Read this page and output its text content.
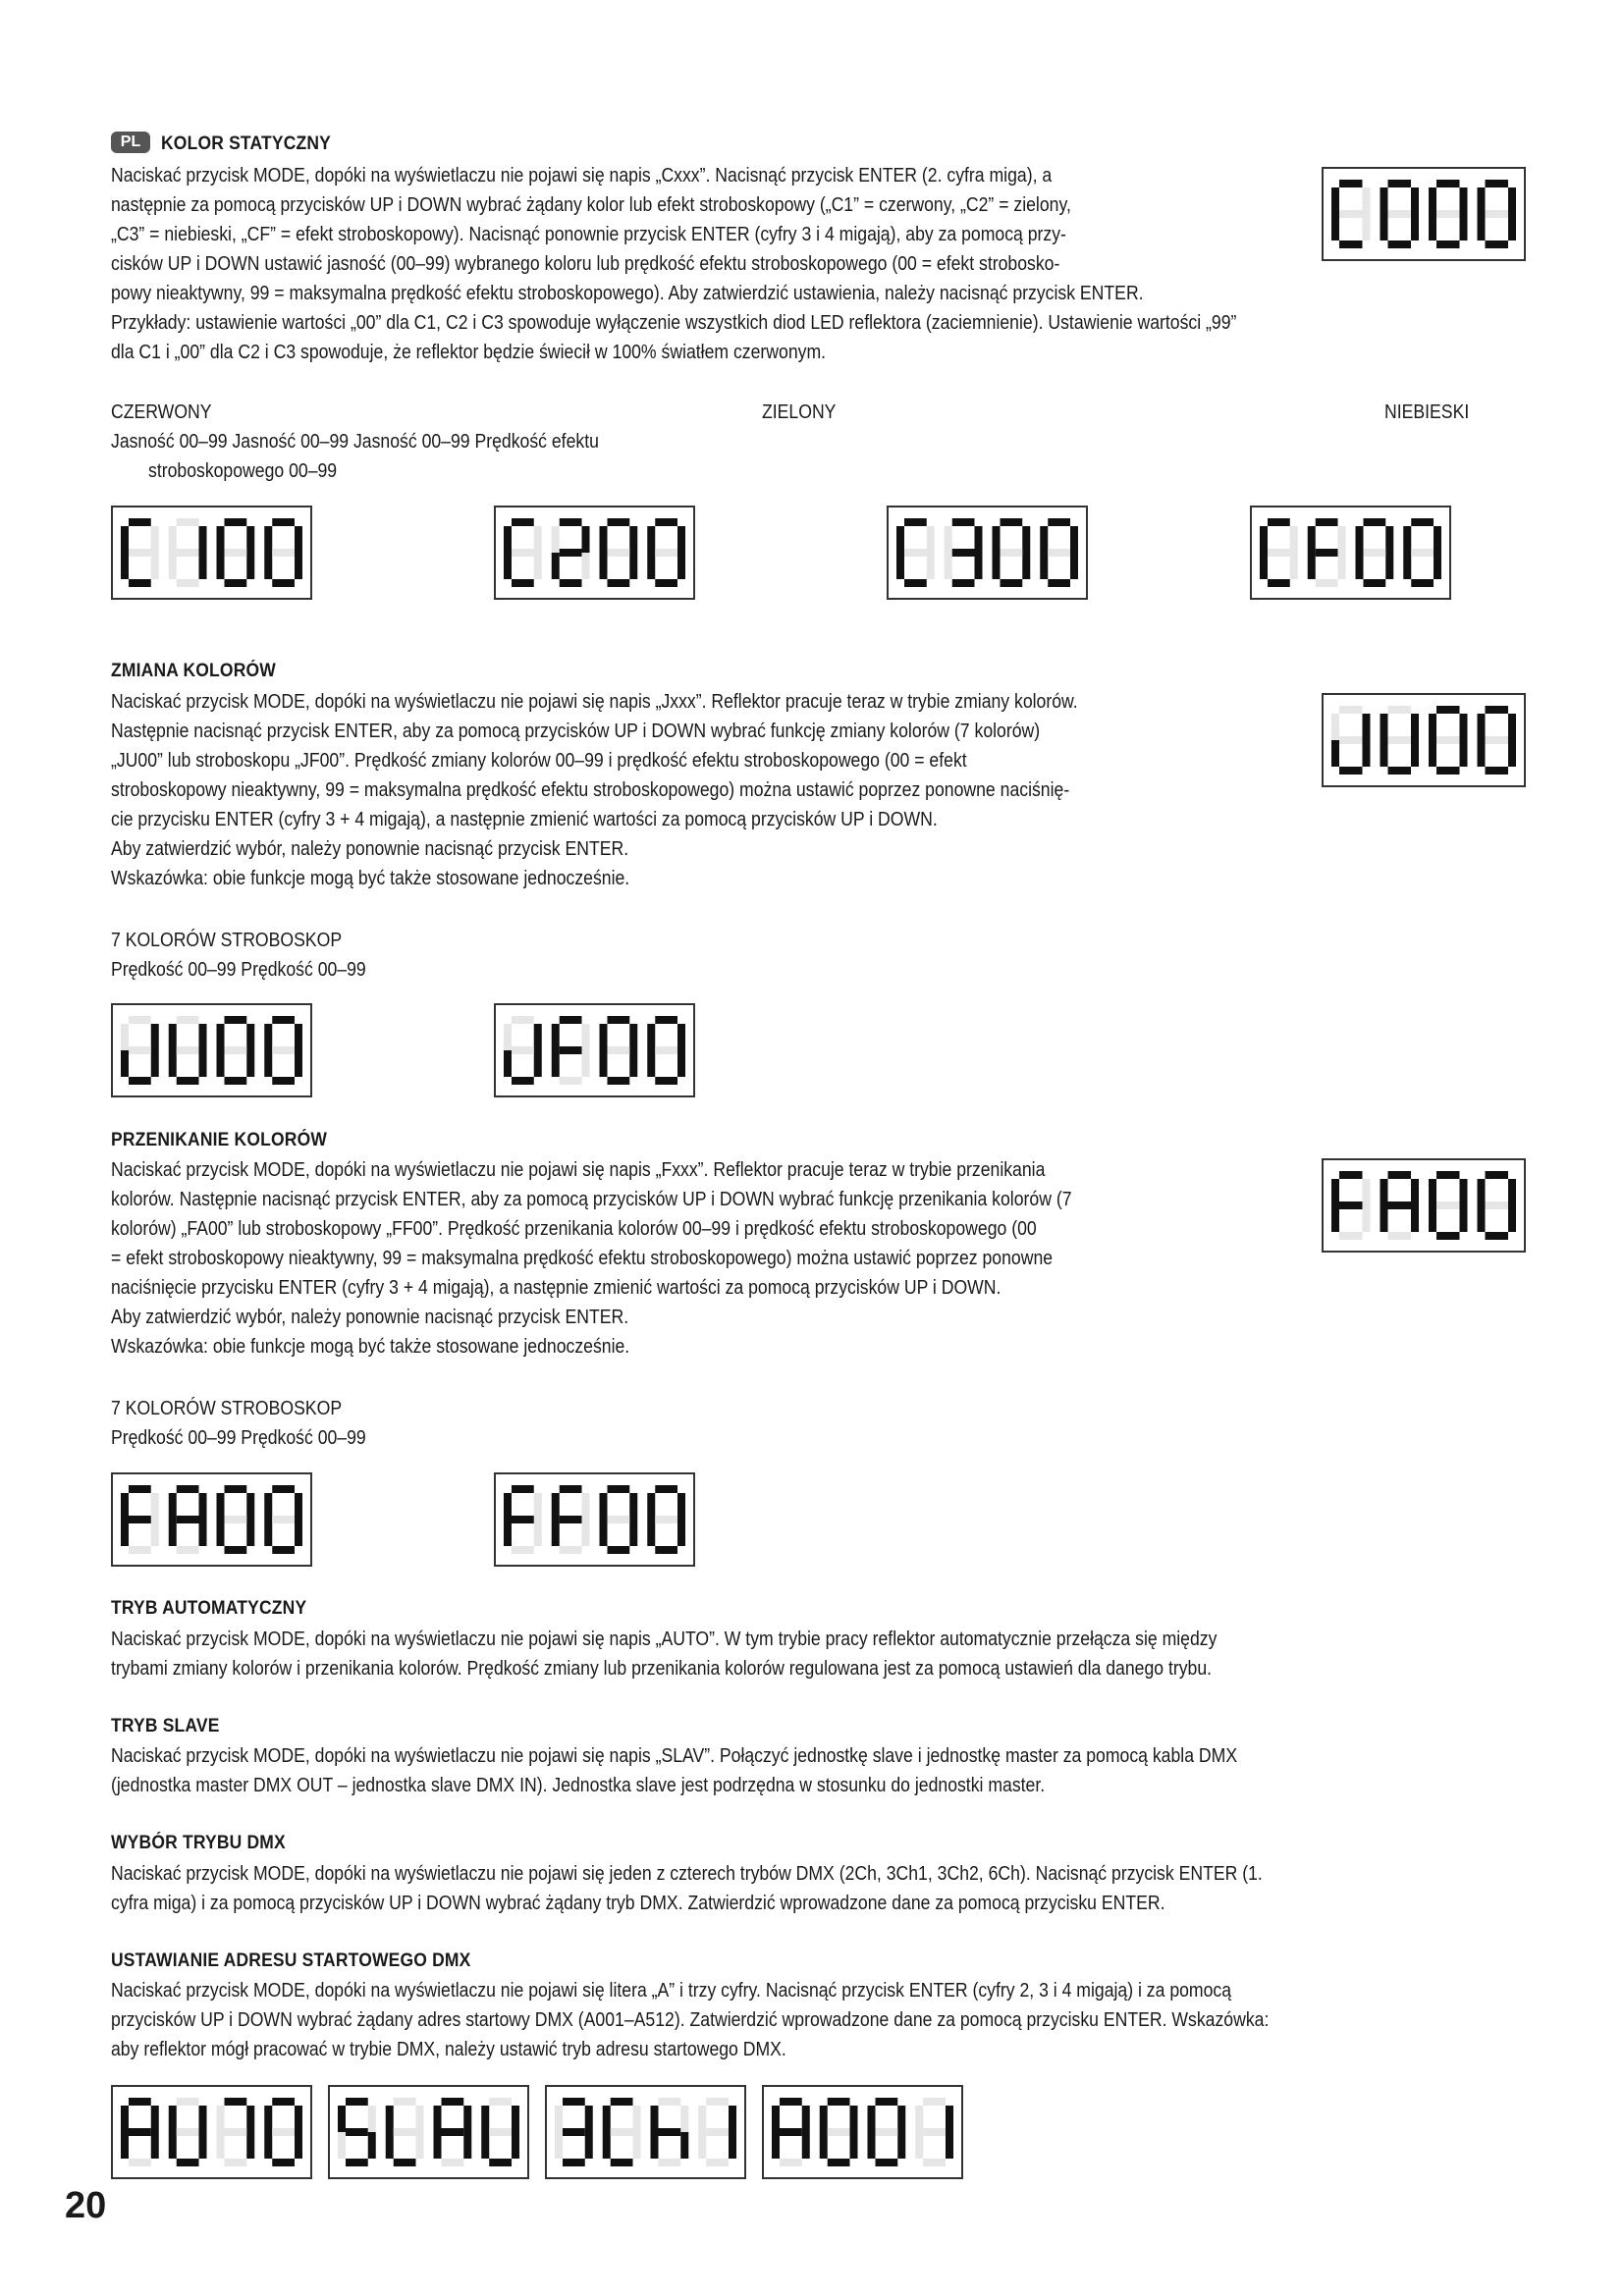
PL	KOLOR STATYCZNY
Naciskać przycisk MODE, dopóki na wyświetlaczu nie pojawi się napis „Cxxx”. Nacisnąć przycisk ENTER (2. cyfra miga), a
następnie za pomocą przycisków UP i DOWN wybrać żądany kolor lub efekt stroboskopowy („C1” = czerwony, „C2” = zielony,
„C3” = niebieski, „CF” = efekt stroboskopowy). Nacisnąć ponownie przycisk ENTER (cyfry 3 i 4 migają), aby za pomocą przy-
cisków UP i DOWN ustawić jasność (00–99) wybranego koloru lub prędkość efektu stroboskopowego (00 = efekt strobosko-
powy nieaktywny, 99 = maksymalna prędkość efektu stroboskopowego). Aby zatwierdzić ustawienia, należy nacisnąć przycisk ENTER.
Przykłady: ustawienie wartości „00” dla C1, C2 i C3 spowoduje wyłączenie wszystkich diod LED reflektora (zaciemnienie). Ustawienie wartości „99”
dla C1 i „00” dla C2 i C3 spowoduje, że reflektor będzie świecił w 100% światłem czerwonym.
CZERWONY	ZIELONY	NIEBIESKI
Jasność 00–99 Jasność 00–99 Jasność 00–99 Prędkość efektu
stroboskopowego 00–99
ZMIANA KOLORÓW
Naciskać przycisk MODE, dopóki na wyświetlaczu nie pojawi się napis „Jxxx”. Reflektor pracuje teraz w trybie zmiany kolorów.
Następnie nacisnąć przycisk ENTER, aby za pomocą przycisków UP i DOWN wybrać funkcję zmiany kolorów (7 kolorów)
„JU00” lub stroboskopu „JF00”. Prędkość zmiany kolorów 00–99 i prędkość efektu stroboskopowego (00 = efekt
stroboskopowy nieaktywny, 99 = maksymalna prędkość efektu stroboskopowego) można ustawić poprzez ponowne naciśnię-
cie przycisku ENTER (cyfry 3 + 4 migają), a następnie zmienić wartości za pomocą przycisków UP i DOWN.
Aby zatwierdzić wybór, należy ponownie nacisnąć przycisk ENTER.
Wskazówka: obie funkcje mogą być także stosowane jednocześnie.
7 KOLORÓW STROBOSKOP
Prędkość 00–99 Prędkość 00–99
PRZENIKANIE KOLORÓW
Naciskać przycisk MODE, dopóki na wyświetlaczu nie pojawi się napis „Fxxx”. Reflektor pracuje teraz w trybie przenikania
kolorów. Następnie nacisnąć przycisk ENTER, aby za pomocą przycisków UP i DOWN wybrać funkcję przenikania kolorów (7
kolorów) „FA00” lub stroboskopowy „FF00”. Prędkość przenikania kolorów 00–99 i prędkość efektu stroboskopowego (00
= efekt stroboskopowy nieaktywny, 99 = maksymalna prędkość efektu stroboskopowego) można ustawić poprzez ponowne
naciśnięcie przycisku ENTER (cyfry 3 + 4 migają), a następnie zmienić wartości za pomocą przycisków UP i DOWN.
Aby zatwierdzić wybór, należy ponownie nacisnąć przycisk ENTER.
Wskazówka: obie funkcje mogą być także stosowane jednocześnie.
7 KOLORÓW STROBOSKOP
Prędkość 00–99 Prędkość 00–99
TRYB AUTOMATYCZNY
Naciskać przycisk MODE, dopóki na wyświetlaczu nie pojawi się napis „AUTO”. W tym trybie pracy reflektor automatycznie przełącza się między
trybami zmiany kolorów i przenikania kolorów. Prędkość zmiany lub przenikania kolorów regulowana jest za pomocą ustawień dla danego trybu.
TRYB SLAVE
Naciskać przycisk MODE, dopóki na wyświetlaczu nie pojawi się napis „SLAV”. Połączyć jednostkę slave i jednostkę master za pomocą kabla DMX
(jednostka master DMX OUT – jednostka slave DMX IN). Jednostka slave jest podrzędna w stosunku do jednostki master.
WYBÓR TRYBU DMX
Naciskać przycisk MODE, dopóki na wyświetlaczu nie pojawi się jeden z czterech trybów DMX (2Ch, 3Ch1, 3Ch2, 6Ch). Nacisnąć przycisk ENTER (1.
cyfra miga) i za pomocą przycisków UP i DOWN wybrać żądany tryb DMX. Zatwierdzić wprowadzone dane za pomocą przycisku ENTER.
USTAWIANIE ADRESU STARTOWEGO DMX
Naciskać przycisk MODE, dopóki na wyświetlaczu nie pojawi się litera „A” i trzy cyfry. Nacisnąć przycisk ENTER (cyfry 2, 3 i 4 migają) i za pomocą
przycisków UP i DOWN wybrać żądany adres startowy DMX (A001–A512). Zatwierdzić wprowadzone dane za pomocą przycisku ENTER. Wskazówka:
aby reflektor mógł pracować w trybie DMX, należy ustawić tryb adresu startowego DMX.
20
